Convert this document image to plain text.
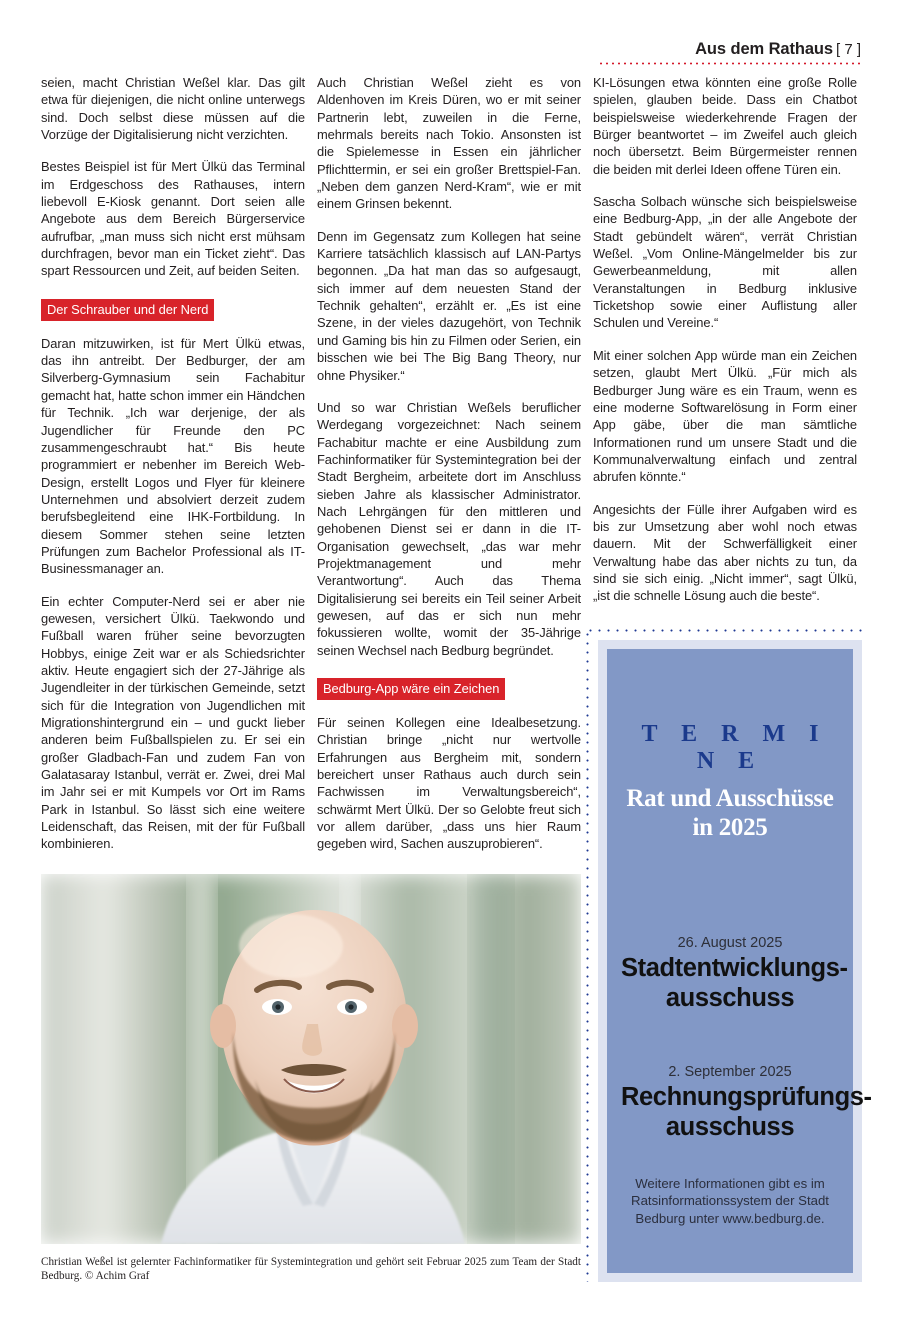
Aus dem Rathaus [ 7 ]

seien, macht Christian Weßel klar. Das gilt etwa für diejenigen, die nicht online unterwegs sind. Doch selbst diese müssen auf die Vorzüge der Digitalisierung nicht verzichten.

Bestes Beispiel ist für Mert Ülkü das Terminal im Erdgeschoss des Rathauses, intern liebevoll E-Kiosk genannt. Dort seien alle Angebote aus dem Bereich Bürgerservice aufrufbar, „man muss sich nicht erst mühsam durchfragen, bevor man ein Ticket zieht“. Das spart Ressourcen und Zeit, auf beiden Seiten.

Der Schrauber und der Nerd

Daran mitzuwirken, ist für Mert Ülkü etwas, das ihn antreibt. Der Bedburger, der am Silverberg-Gymnasium sein Fachabitur gemacht hat, hatte schon immer ein Händchen für Technik. „Ich war derjenige, der als Jugendlicher für Freunde den PC zusammengeschraubt hat.“ Bis heute programmiert er nebenher im Bereich Web-Design, erstellt Logos und Flyer für kleinere Unternehmen und absolviert derzeit zudem berufsbegleitend eine IHK-Fortbildung. In diesem Sommer stehen seine letzten Prüfungen zum Bachelor Professional als IT-Businessmanager an.

Ein echter Computer-Nerd sei er aber nie gewesen, versichert Ülkü. Taekwondo und Fußball waren früher seine bevorzugten Hobbys, einige Zeit war er als Schiedsrichter aktiv. Heute engagiert sich der 27-Jährige als Jugendleiter in der türkischen Gemeinde, setzt sich für die Integration von Jugendlichen mit Migrationshintergrund ein – und guckt lieber anderen beim Fußballspielen zu. Er sei ein großer Gladbach-Fan und zudem Fan von Galatasaray Istanbul, verrät er. Zwei, drei Mal im Jahr sei er mit Kumpels vor Ort im Rams Park in Istanbul. So lässt sich eine weitere Leidenschaft, das Reisen, mit der für Fußball kombinieren.

Auch Christian Weßel zieht es von Aldenhoven im Kreis Düren, wo er mit seiner Partnerin lebt, zuweilen in die Ferne, mehrmals bereits nach Tokio. Ansonsten ist die Spielemesse in Essen ein jährlicher Pflichttermin, er sei ein großer Brettspiel-Fan. „Neben dem ganzen Nerd-Kram“, wie er mit einem Grinsen bekennt.

Denn im Gegensatz zum Kollegen hat seine Karriere tatsächlich klassisch auf LAN-Partys begonnen. „Da hat man das so aufgesaugt, sich immer auf dem neuesten Stand der Technik gehalten“, erzählt er. „Es ist eine Szene, in der vieles dazugehört, von Technik und Gaming bis hin zu Filmen oder Serien, ein bisschen wie bei The Big Bang Theory, nur ohne Physiker.“

Und so war Christian Weßels beruflicher Werdegang vorgezeichnet: Nach seinem Fachabitur machte er eine Ausbildung zum Fachinformatiker für Systemintegration bei der Stadt Bergheim, arbeitete dort im Anschluss sieben Jahre als klassischer Administrator. Nach Lehrgängen für den mittleren und gehobenen Dienst sei er dann in die IT-Organisation gewechselt, „das war mehr Projektmanagement und mehr Verantwortung“. Auch das Thema Digitalisierung sei bereits ein Teil seiner Arbeit gewesen, auf das er sich nun mehr fokussieren wollte, womit der 35-Jährige seinen Wechsel nach Bedburg begründet.

Bedburg-App wäre ein Zeichen

Für seinen Kollegen eine Idealbesetzung. Christian bringe „nicht nur wertvolle Erfahrungen aus Bergheim mit, sondern bereichert unser Rathaus auch durch sein Fachwissen im Verwaltungsbereich“, schwärmt Mert Ülkü. Der so Gelobte freut sich vor allem darüber, „dass uns hier Raum gegeben wird, Sachen auszuprobieren“.

KI-Lösungen etwa könnten eine große Rolle spielen, glauben beide. Dass ein Chatbot beispielsweise wiederkehrende Fragen der Bürger beantwortet – im Zweifel auch gleich noch übersetzt. Beim Bürgermeister rennen die beiden mit derlei Ideen offene Türen ein.

Sascha Solbach wünsche sich beispielsweise eine Bedburg-App, „in der alle Angebote der Stadt gebündelt wären“, verrät Christian Weßel. „Vom Online-Mängelmelder bis zur Gewerbeanmeldung, mit allen Veranstaltungen in Bedburg inklusive Ticketshop sowie einer Auflistung aller Schulen und Vereine.“

Mit einer solchen App würde man ein Zeichen setzen, glaubt Mert Ülkü. „Für mich als Bedburger Jung wäre es ein Traum, wenn es eine moderne Softwarelösung in Form einer App gäbe, über die man sämtliche Informationen rund um unsere Stadt und die Kommunalverwaltung einfach und zentral abrufen könnte.“

Angesichts der Fülle ihrer Aufgaben wird es bis zur Umsetzung aber wohl noch etwas dauern. Mit der Schwerfälligkeit einer Verwaltung habe das aber nichts zu tun, da sind sie sich einig. „Nicht immer“, sagt Ülkü, „ist die schnelle Lösung auch die beste“.

Christian Weßel ist gelernter Fachinformatiker für Systemintegration und gehört seit Februar 2025 zum Team der Stadt Bedburg. © Achim Graf
T E R M I N E
Rat und Ausschüsse in 2025
26. August 2025
Stadtentwicklungs-
ausschuss
2. September 2025
Rechnungsprüfungs-
ausschuss
Weitere Informationen gibt es im Ratsinformationssystem der Stadt Bedburg unter www.bedburg.de.
